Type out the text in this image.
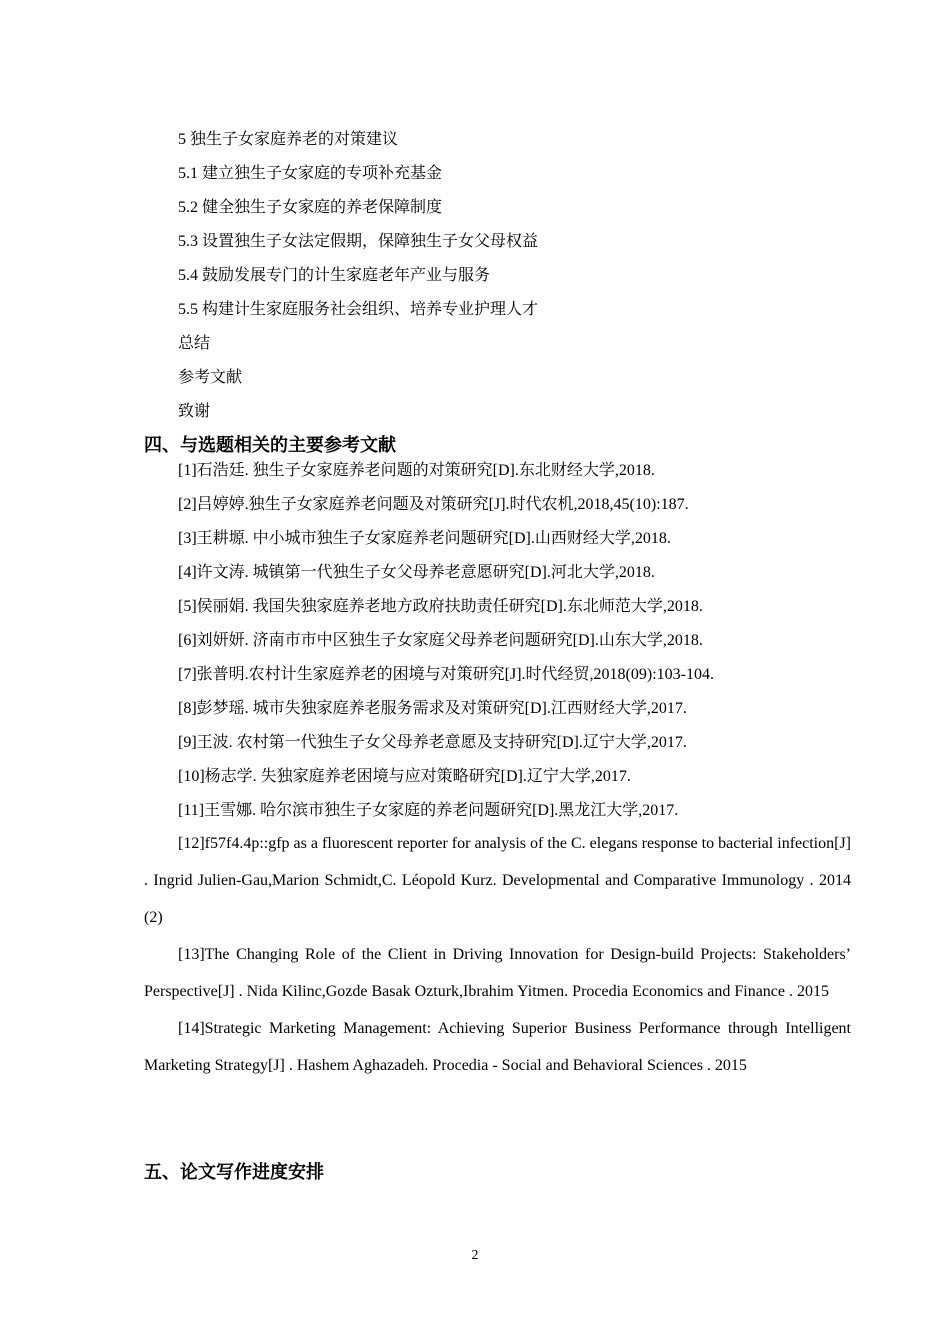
5 独生子女家庭养老的对策建议
5.1 建立独生子女家庭的专项补充基金
5.2 健全独生子女家庭的养老保障制度
5.3 设置独生子女法定假期，保障独生子女父母权益
5.4 鼓励发展专门的计生家庭老年产业与服务
5.5 构建计生家庭服务社会组织、培养专业护理人才
总结
参考文献
致谢
四、与选题相关的主要参考文献
[1]石浩廷. 独生子女家庭养老问题的对策研究[D].东北财经大学,2018.
[2]吕婷婷.独生子女家庭养老问题及对策研究[J].时代农机,2018,45(10):187.
[3]王耕塬. 中小城市独生子女家庭养老问题研究[D].山西财经大学,2018.
[4]许文涛. 城镇第一代独生子女父母养老意愿研究[D].河北大学,2018.
[5]侯丽娟. 我国失独家庭养老地方政府扶助责任研究[D].东北师范大学,2018.
[6]刘妍妍. 济南市市中区独生子女家庭父母养老问题研究[D].山东大学,2018.
[7]张普明.农村计生家庭养老的困境与对策研究[J].时代经贸,2018(09):103-104.
[8]彭梦瑶. 城市失独家庭养老服务需求及对策研究[D].江西财经大学,2017.
[9]王波. 农村第一代独生子女父母养老意愿及支持研究[D].辽宁大学,2017.
[10]杨志学. 失独家庭养老困境与应对策略研究[D].辽宁大学,2017.
[11]王雪娜. 哈尔滨市独生子女家庭的养老问题研究[D].黑龙江大学,2017.
[12]f57f4.4p::gfp as a fluorescent reporter for analysis of the C. elegans response to bacterial infection[J] . Ingrid Julien-Gau,Marion Schmidt,C. Léopold Kurz. Developmental and Comparative Immunology . 2014 (2)
[13]The Changing Role of the Client in Driving Innovation for Design-build Projects: Stakeholders’ Perspective[J] . Nida Kilinc,Gozde Basak Ozturk,Ibrahim Yitmen. Procedia Economics and Finance . 2015
[14]Strategic Marketing Management: Achieving Superior Business Performance through Intelligent Marketing Strategy[J] . Hashem Aghazadeh. Procedia - Social and Behavioral Sciences . 2015
五、论文写作进度安排
2
